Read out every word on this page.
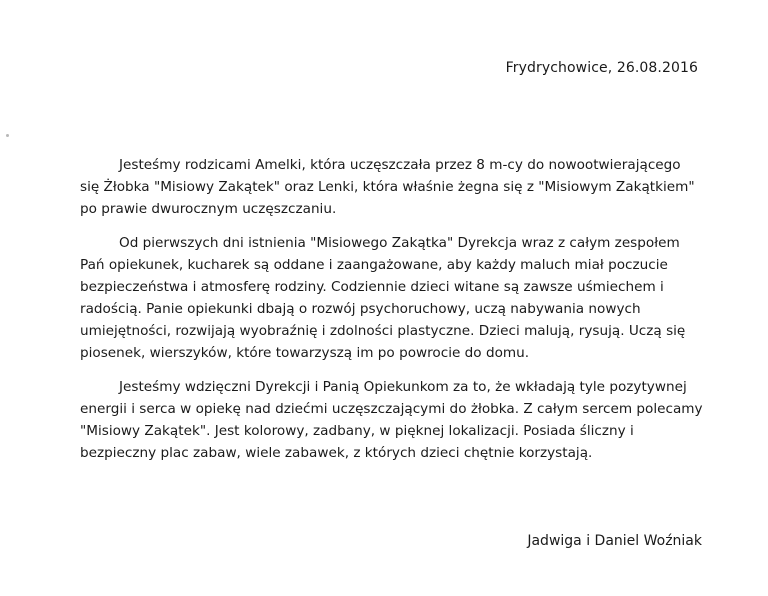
Frydrychowice, 26.08.2016
Jesteśmy rodzicami Amelki, która uczęszczała przez 8 m-cy do nowootwierającego
się Żłobka "Misiowy Zakątek" oraz Lenki, która właśnie żegna się z "Misiowym Zakątkiem"
po prawie dwurocznym uczęszczaniu.
Od pierwszych dni istnienia "Misiowego Zakątka" Dyrekcja wraz z całym zespołem
Pań opiekunek, kucharek są oddane i zaangażowane, aby każdy maluch miał poczucie
bezpieczeństwa i atmosferę rodziny. Codziennie dzieci witane są zawsze uśmiechem i
radością. Panie opiekunki dbają o rozwój psychoruchowy, uczą nabywania nowych
umiejętności, rozwijają wyobraźnię i zdolności plastyczne. Dzieci malują, rysują. Uczą się
piosenek, wierszyków, które towarzyszą im po powrocie do domu.
Jesteśmy wdzięczni Dyrekcji i Panią Opiekunkom za to, że wkładają tyle pozytywnej
energii i serca w opiekę nad dziećmi uczęszczającymi do żłobka. Z całym sercem polecamy
"Misiowy Zakątek". Jest kolorowy, zadbany, w pięknej lokalizacji. Posiada śliczny i
bezpieczny plac zabaw, wiele zabawek, z których dzieci chętnie korzystają.
Jadwiga i Daniel Woźniak
